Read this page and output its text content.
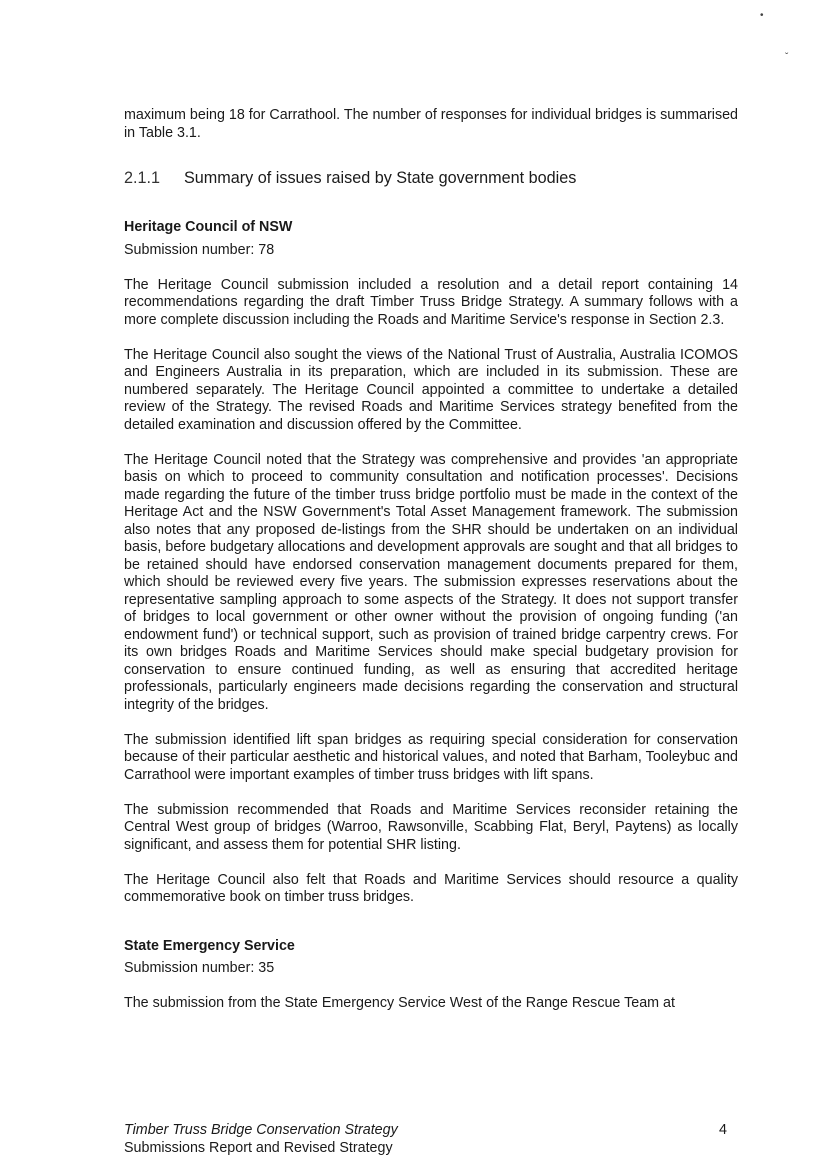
•
ˇ

maximum being 18 for Carrathool. The number of responses for individual bridges is summarised in Table 3.1.

2.1.1	Summary of issues raised by State government bodies
Heritage Council of NSW

Submission number: 78

The Heritage Council submission included a resolution and a detail report containing 14 recommendations regarding the draft Timber Truss Bridge Strategy. A summary follows with a more complete discussion including the Roads and Maritime Service's response in Section 2.3.

The Heritage Council also sought the views of the National Trust of Australia, Australia ICOMOS and Engineers Australia in its preparation, which are included in its submission. These are numbered separately. The Heritage Council appointed a committee to undertake a detailed review of the Strategy. The revised Roads and Maritime Services strategy benefited from the detailed examination and discussion offered by the Committee.

The Heritage Council noted that the Strategy was comprehensive and provides 'an appropriate basis on which to proceed to community consultation and notification processes'. Decisions made regarding the future of the timber truss bridge portfolio must be made in the context of the Heritage Act and the NSW Government's Total Asset Management framework. The submission also notes that any proposed de-listings from the SHR should be undertaken on an individual basis, before budgetary allocations and development approvals are sought and that all bridges to be retained should have endorsed conservation management documents prepared for them, which should be reviewed every five years. The submission expresses reservations about the representative sampling approach to some aspects of the Strategy. It does not support transfer of bridges to local government or other owner without the provision of ongoing funding ('an endowment fund') or technical support, such as provision of trained bridge carpentry crews. For its own bridges Roads and Maritime Services should make special budgetary provision for conservation to ensure continued funding, as well as ensuring that accredited heritage professionals, particularly engineers made decisions regarding the conservation and structural integrity of the bridges.

The submission identified lift span bridges as requiring special consideration for conservation because of their particular aesthetic and historical values, and noted that Barham, Tooleybuc and Carrathool were important examples of timber truss bridges with lift spans.

The submission recommended that Roads and Maritime Services reconsider retaining the Central West group of bridges (Warroo, Rawsonville, Scabbing Flat, Beryl, Paytens) as locally significant, and assess them for potential SHR listing.

The Heritage Council also felt that Roads and Maritime Services should resource a quality commemorative book on timber truss bridges.

State Emergency Service

Submission number: 35

The submission from the State Emergency Service West of the Range Rescue Team at

Timber Truss Bridge Conservation Strategy
Submissions Report and Revised Strategy
4
